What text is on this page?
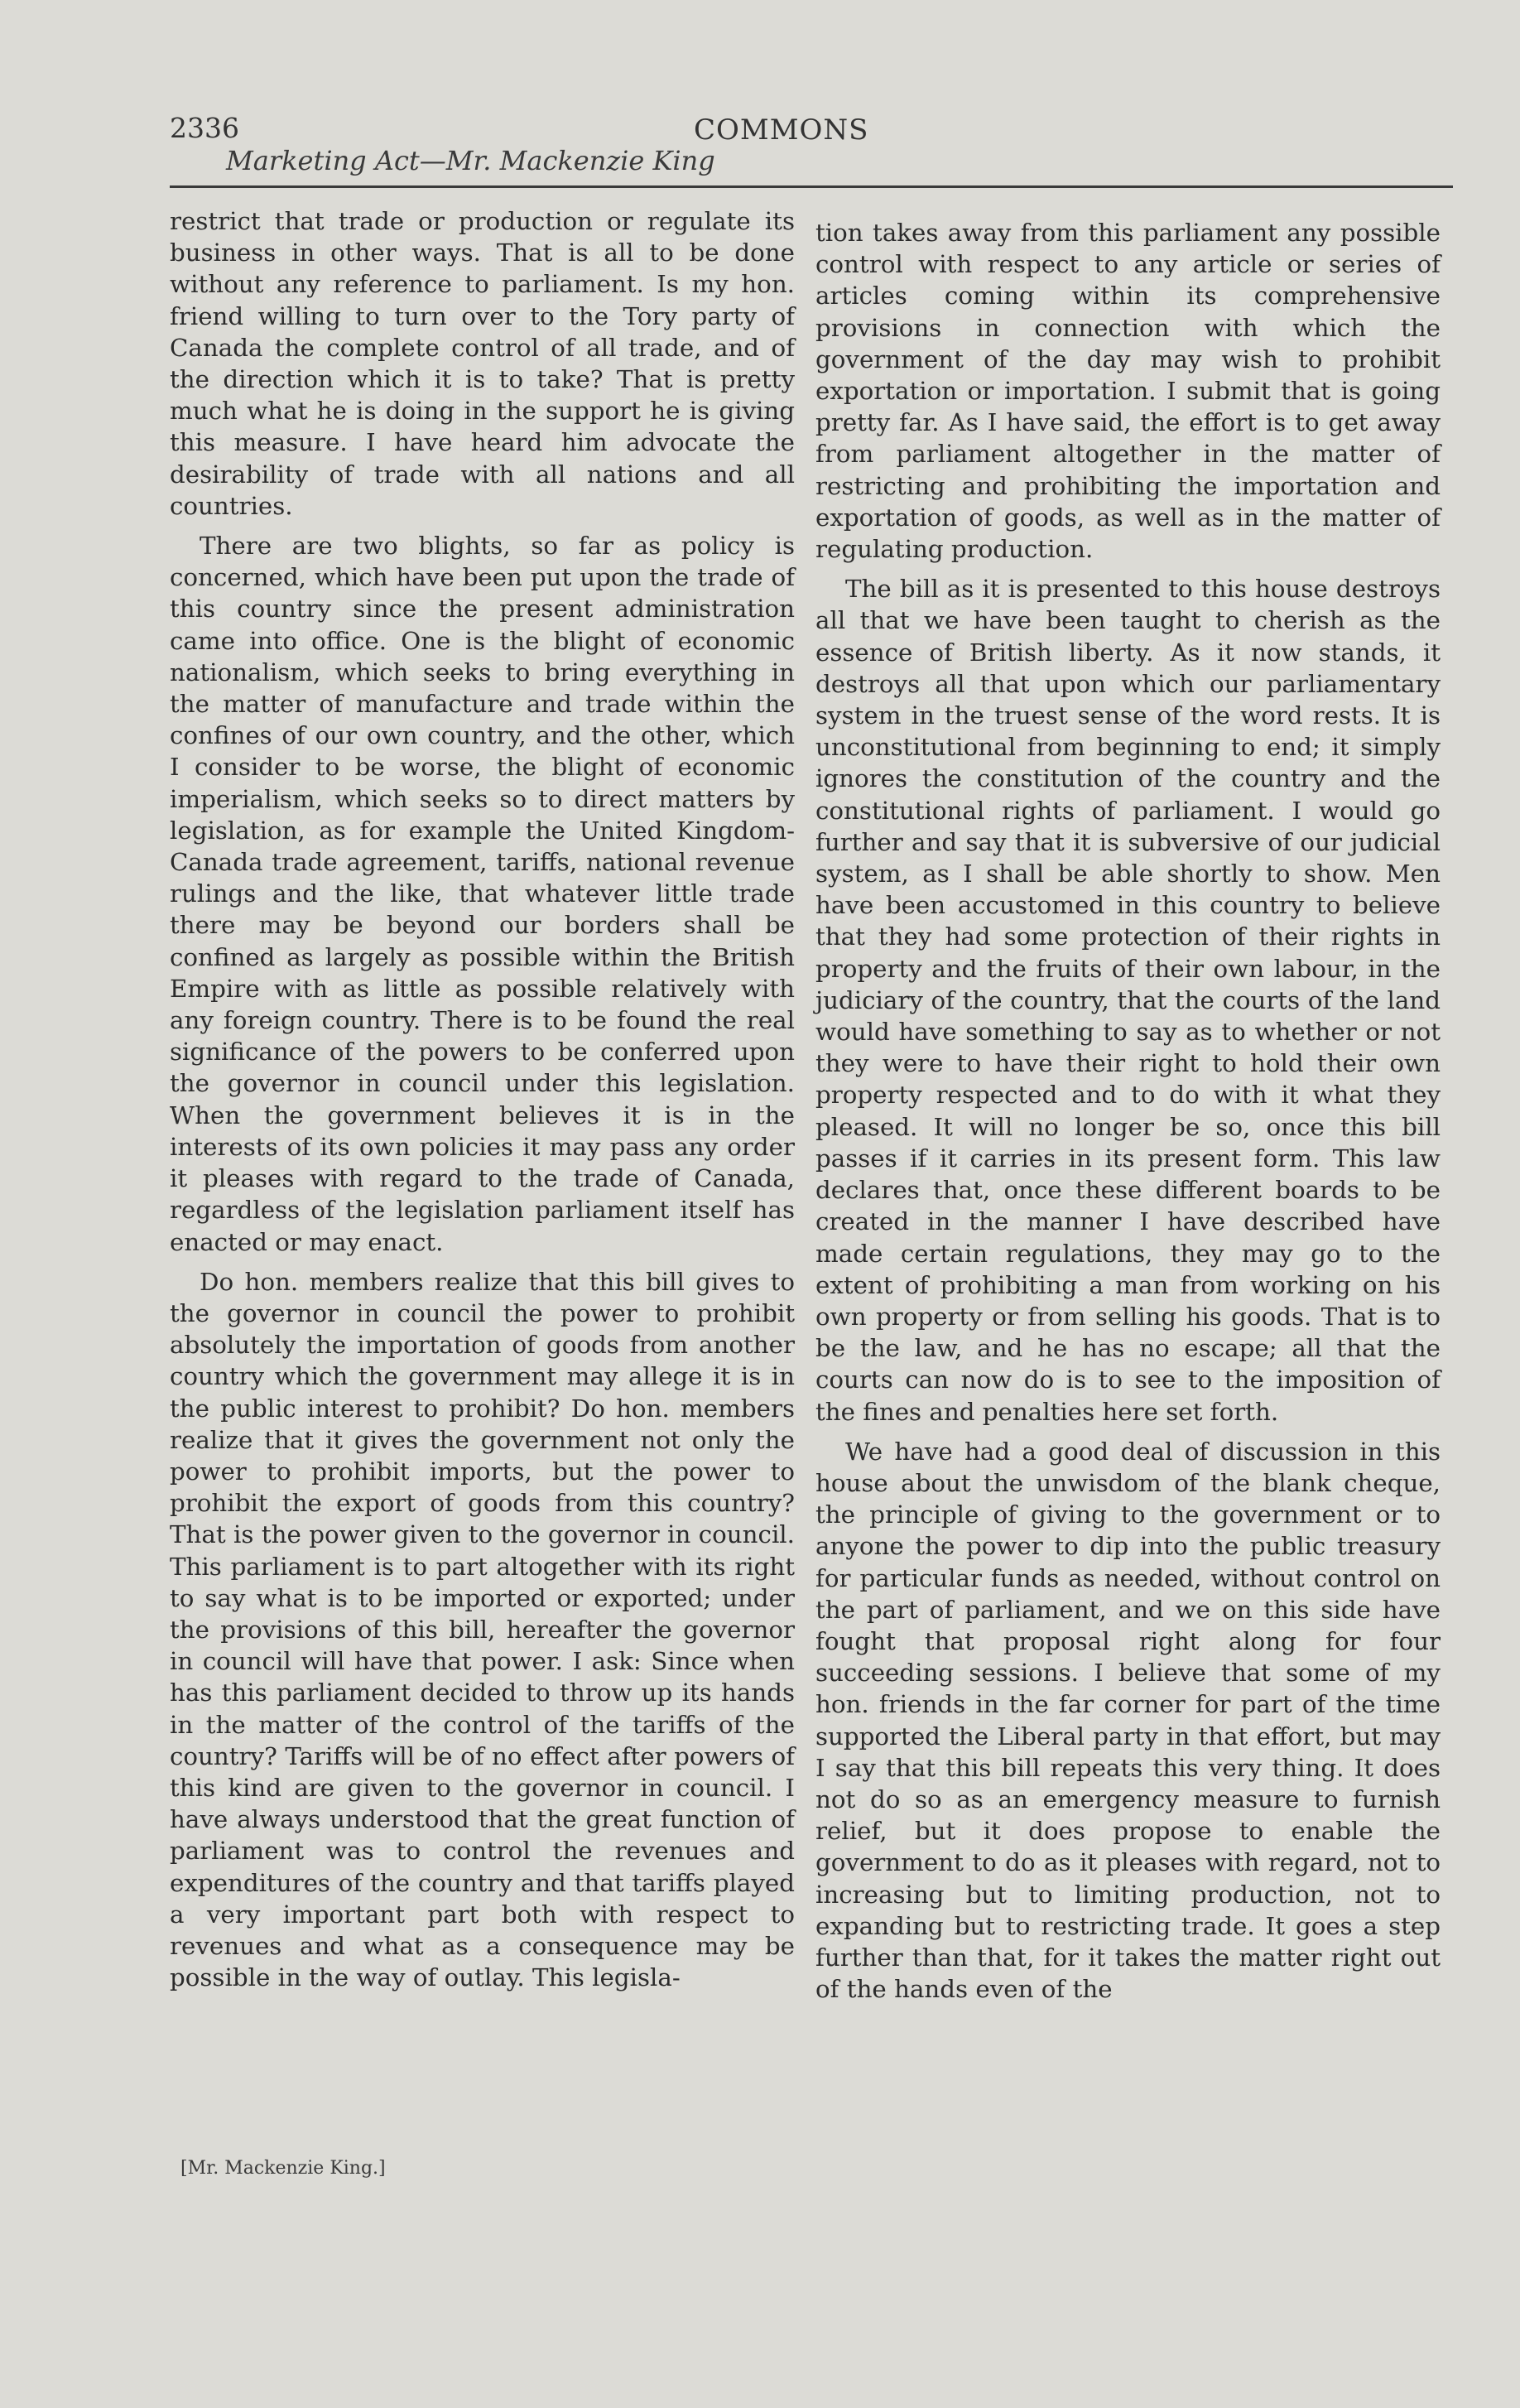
2336	COMMONS
Marketing Act—Mr. Mackenzie King

restrict that trade or production or regulate its business in other ways. That is all to be done without any reference to parliament. Is my hon. friend willing to turn over to the Tory party of Canada the complete control of all trade, and of the direction which it is to take? That is pretty much what he is doing in the support he is giving this measure. I have heard him advocate the desirability of trade with all nations and all countries.

There are two blights, so far as policy is concerned, which have been put upon the trade of this country since the present administration came into office. One is the blight of economic nationalism, which seeks to bring everything in the matter of manufacture and trade within the confines of our own country, and the other, which I consider to be worse, the blight of economic imperialism, which seeks so to direct matters by legislation, as for example the United Kingdom-Canada trade agreement, tariffs, national revenue rulings and the like, that whatever little trade there may be beyond our borders shall be confined as largely as possible within the British Empire with as little as possible relatively with any foreign country. There is to be found the real significance of the powers to be conferred upon the governor in council under this legislation. When the government believes it is in the interests of its own policies it may pass any order it pleases with regard to the trade of Canada, regardless of the legislation parliament itself has enacted or may enact.

Do hon. members realize that this bill gives to the governor in council the power to prohibit absolutely the importation of goods from another country which the government may allege it is in the public interest to prohibit? Do hon. members realize that it gives the government not only the power to prohibit imports, but the power to prohibit the export of goods from this country? That is the power given to the governor in council. This parliament is to part altogether with its right to say what is to be imported or exported; under the provisions of this bill, hereafter the governor in council will have that power. I ask: Since when has this parliament decided to throw up its hands in the matter of the control of the tariffs of the country? Tariffs will be of no effect after powers of this kind are given to the governor in council. I have always understood that the great function of parliament was to control the revenues and expenditures of the country and that tariffs played a very important part both with respect to revenues and what as a consequence may be possible in the way of outlay. This legisla-

tion takes away from this parliament any possible control with respect to any article or series of articles coming within its comprehensive provisions in connection with which the government of the day may wish to prohibit exportation or importation. I submit that is going pretty far. As I have said, the effort is to get away from parliament altogether in the matter of restricting and prohibiting the importation and exportation of goods, as well as in the matter of regulating production.

The bill as it is presented to this house destroys all that we have been taught to cherish as the essence of British liberty. As it now stands, it destroys all that upon which our parliamentary system in the truest sense of the word rests. It is unconstitutional from beginning to end; it simply ignores the constitution of the country and the constitutional rights of parliament. I would go further and say that it is subversive of our judicial system, as I shall be able shortly to show. Men have been accustomed in this country to believe that they had some protection of their rights in property and the fruits of their own labour, in the judiciary of the country, that the courts of the land would have something to say as to whether or not they were to have their right to hold their own property respected and to do with it what they pleased. It will no longer be so, once this bill passes if it carries in its present form. This law declares that, once these different boards to be created in the manner I have described have made certain regulations, they may go to the extent of prohibiting a man from working on his own property or from selling his goods. That is to be the law, and he has no escape; all that the courts can now do is to see to the imposition of the fines and penalties here set forth.

We have had a good deal of discussion in this house about the unwisdom of the blank cheque, the principle of giving to the government or to anyone the power to dip into the public treasury for particular funds as needed, without control on the part of parliament, and we on this side have fought that proposal right along for four succeeding sessions. I believe that some of my hon. friends in the far corner for part of the time supported the Liberal party in that effort, but may I say that this bill repeats this very thing. It does not do so as an emergency measure to furnish relief, but it does propose to enable the government to do as it pleases with regard, not to increasing but to limiting production, not to expanding but to restricting trade. It goes a step further than that, for it takes the matter right out of the hands even of the

[Mr. Mackenzie King.]
